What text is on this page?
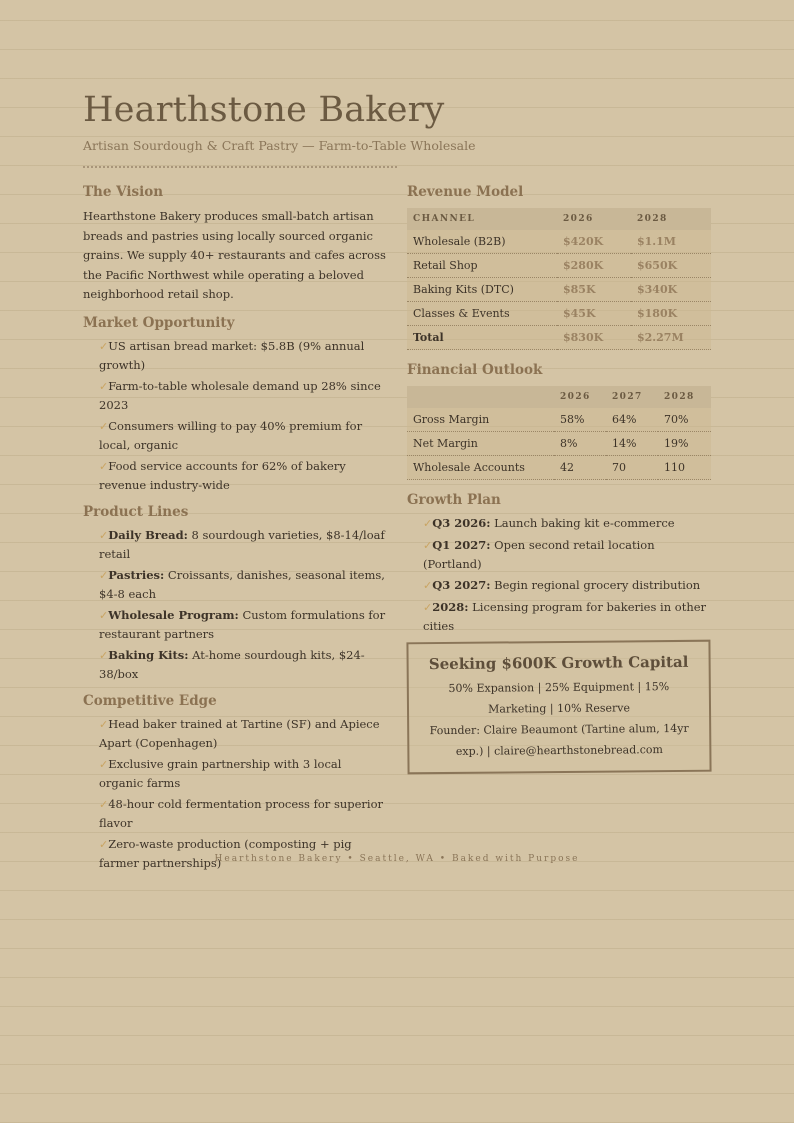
Hearthstone Bakery
Artisan Sourdough & Craft Pastry — Farm-to-Table Wholesale
The Vision
Hearthstone Bakery produces small-batch artisan breads and pastries using locally sourced organic grains. We supply 40+ restaurants and cafes across the Pacific Northwest while operating a beloved neighborhood retail shop.
Market Opportunity
✓US artisan bread market: $5.8B (9% annual growth)
✓Farm-to-table wholesale demand up 28% since 2023
✓Consumers willing to pay 40% premium for local, organic
✓Food service accounts for 62% of bakery revenue industry-wide
Product Lines
✓Daily Bread: 8 sourdough varieties, $8-14/loaf retail
✓Pastries: Croissants, danishes, seasonal items, $4-8 each
✓Wholesale Program: Custom formulations for restaurant partners
✓Baking Kits: At-home sourdough kits, $24-38/box
Competitive Edge
✓Head baker trained at Tartine (SF) and Apiece Apart (Copenhagen)
✓Exclusive grain partnership with 3 local organic farms
✓48-hour cold fermentation process for superior flavor
✓Zero-waste production (composting + pig farmer partnerships)
Revenue Model
CHANNEL	2026	2028
Wholesale (B2B)	$420K	$1.1M
Retail Shop	$280K	$650K
Baking Kits (DTC)	$85K	$340K
Classes & Events	$45K	$180K
Total	$830K	$2.27M
Financial Outlook
	2026	2027	2028
Gross Margin	58%	64%	70%
Net Margin	8%	14%	19%
Wholesale Accounts	42	70	110
Growth Plan
✓Q3 2026: Launch baking kit e-commerce
✓Q1 2027: Open second retail location (Portland)
✓Q3 2027: Begin regional grocery distribution
✓2028: Licensing program for bakeries in other cities
Seeking $600K Growth Capital
50% Expansion | 25% Equipment | 15% Marketing | 10% Reserve
Founder: Claire Beaumont (Tartine alum, 14yr exp.) | claire@hearthstonebread.com
Hearthstone Bakery • Seattle, WA • Baked with Purpose
